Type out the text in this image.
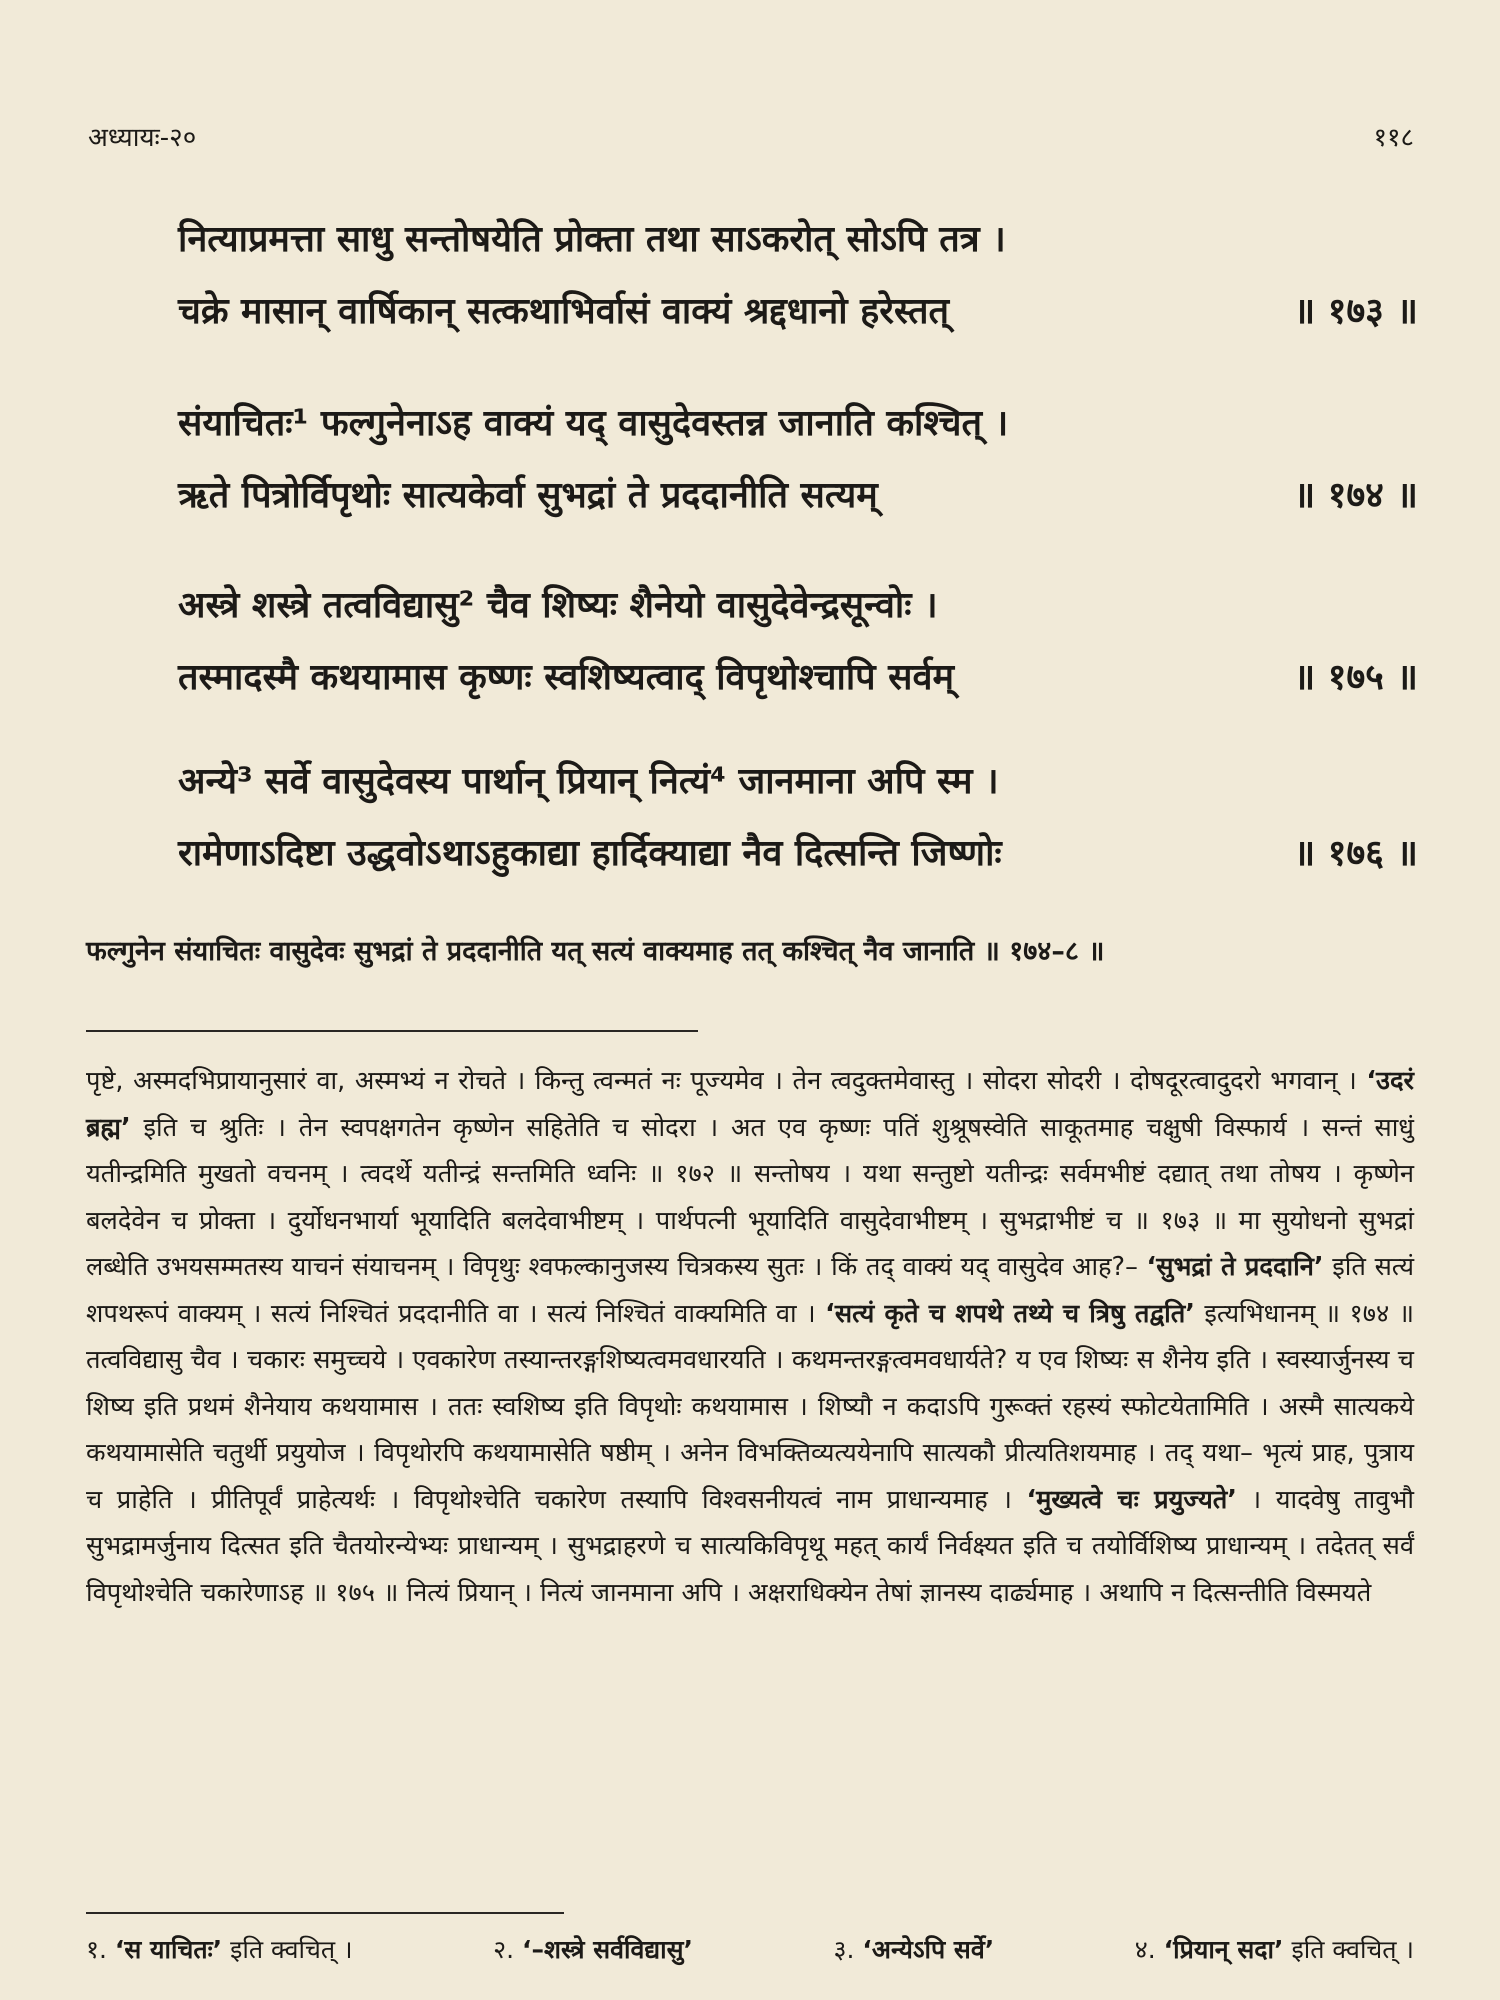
अध्यायः-२०	११८
नित्याप्रमत्ता साधु सन्तोषयेति प्रोक्ता तथा साऽकरोत् सोऽपि तत्र ।
चक्रे मासान् वार्षिकान् सत्कथाभिर्वासं वाक्यं श्रद्दधानो हरेस्तत्	॥ १७३ ॥
संयाचितः¹ फल्गुनेनाऽह वाक्यं यद् वासुदेवस्तन्न जानाति कश्चित् ।
ऋते पित्रोर्विपृथोः सात्यकेर्वा सुभद्रां ते प्रददानीति सत्यम्	॥ १७४ ॥
अस्त्रे शस्त्रे तत्वविद्यासु² चैव शिष्यः शैनेयो वासुदेवेन्द्रसून्वोः ।
तस्मादस्मै कथयामास कृष्णः स्वशिष्यत्वाद् विपृथोश्चापि सर्वम्	॥ १७५ ॥
अन्ये³ सर्वे वासुदेवस्य पार्थान् प्रियान् नित्यं⁴ जानमाना अपि स्म ।
रामेणाऽदिष्टा उद्धवोऽथाऽहुकाद्या हार्दिक्याद्या नैव दित्सन्ति जिष्णोः	॥ १७६ ॥
फल्गुनेन संयाचितः वासुदेवः सुभद्रां ते प्रददानीति यत् सत्यं वाक्यमाह तत् कश्चित् नैव जानाति ॥ १७४–८ ॥
पृष्टे, अस्मदभिप्रायानुसारं वा, अस्मभ्यं न रोचते । किन्तु त्वन्मतं नः पूज्यमेव । तेन त्वदुक्तमेवास्तु । सोदरा सोदरी । दोषदूरत्वादुदरो भगवान् । ‘उदरं ब्रह्म’ इति च श्रुतिः । तेन स्वपक्षगतेन कृष्णेन सहितेति च सोदरा । अत एव कृष्णः पतिं शुश्रूषस्वेति साकूतमाह चक्षुषी विस्फार्य । सन्तं साधुं यतीन्द्रमिति मुखतो वचनम् । त्वदर्थे यतीन्द्रं सन्तमिति ध्वनिः ॥ १७२ ॥ सन्तोषय । यथा सन्तुष्टो यतीन्द्रः सर्वमभीष्टं दद्यात् तथा तोषय । कृष्णेन बलदेवेन च प्रोक्ता । दुर्योधनभार्या भूयादिति बलदेवाभीष्टम् । पार्थपत्नी भूयादिति वासुदेवाभीष्टम् । सुभद्राभीष्टं च ॥ १७३ ॥ मा सुयोधनो सुभद्रां लब्धेति उभयसम्मतस्य याचनं संयाचनम् । विपृथुः श्वफल्कानुजस्य चित्रकस्य सुतः । किं तद् वाक्यं यद् वासुदेव आह?– ‘सुभद्रां ते प्रददानि’ इति सत्यं शपथरूपं वाक्यम् । सत्यं निश्चितं प्रददानीति वा । सत्यं निश्चितं वाक्यमिति वा । ‘सत्यं कृते च शपथे तथ्ये च त्रिषु तद्वति’ इत्यभिधानम् ॥ १७४ ॥ तत्वविद्यासु चैव । चकारः समुच्चये । एवकारेण तस्यान्तरङ्गशिष्यत्वमवधारयति । कथमन्तरङ्गत्वमवधार्यते? य एव शिष्यः स शैनेय इति । स्वस्यार्जुनस्य च शिष्य इति प्रथमं शैनेयाय कथयामास । ततः स्वशिष्य इति विपृथोः कथयामास । शिष्यौ न कदाऽपि गुरूक्तं रहस्यं स्फोटयेतामिति । अस्मै सात्यकये कथयामासेति चतुर्थी प्रयुयोज । विपृथोरपि कथयामासेति षष्ठीम् । अनेन विभक्तिव्यत्ययेनापि सात्यकौ प्रीत्यतिशयमाह । तद् यथा– भृत्यं प्राह, पुत्राय च प्राहेति । प्रीतिपूर्वं प्राहेत्यर्थः । विपृथोश्चेति चकारेण तस्यापि विश्वसनीयत्वं नाम प्राधान्यमाह । ‘मुख्यत्वे चः प्रयुज्यते’ । यादवेषु तावुभौ सुभद्रामर्जुनाय दित्सत इति चैतयोरन्येभ्यः प्राधान्यम् । सुभद्राहरणे च सात्यकिविपृथू महत् कार्यं निर्वक्ष्यत इति च तयोर्विशिष्य प्राधान्यम् । तदेतत् सर्वं विपृथोश्चेति चकारेणाऽह ॥ १७५ ॥ नित्यं प्रियान् । नित्यं जानमाना अपि । अक्षराधिक्येन तेषां ज्ञानस्य दार्ढ्यमाह । अथापि न दित्सन्तीति विस्मयते
१. ‘स याचितः’ इति क्वचित् ।	२. ‘–शस्त्रे सर्वविद्यासु’	३. ‘अन्येऽपि सर्वे’	४. ‘प्रियान् सदा’ इति क्वचित् ।
